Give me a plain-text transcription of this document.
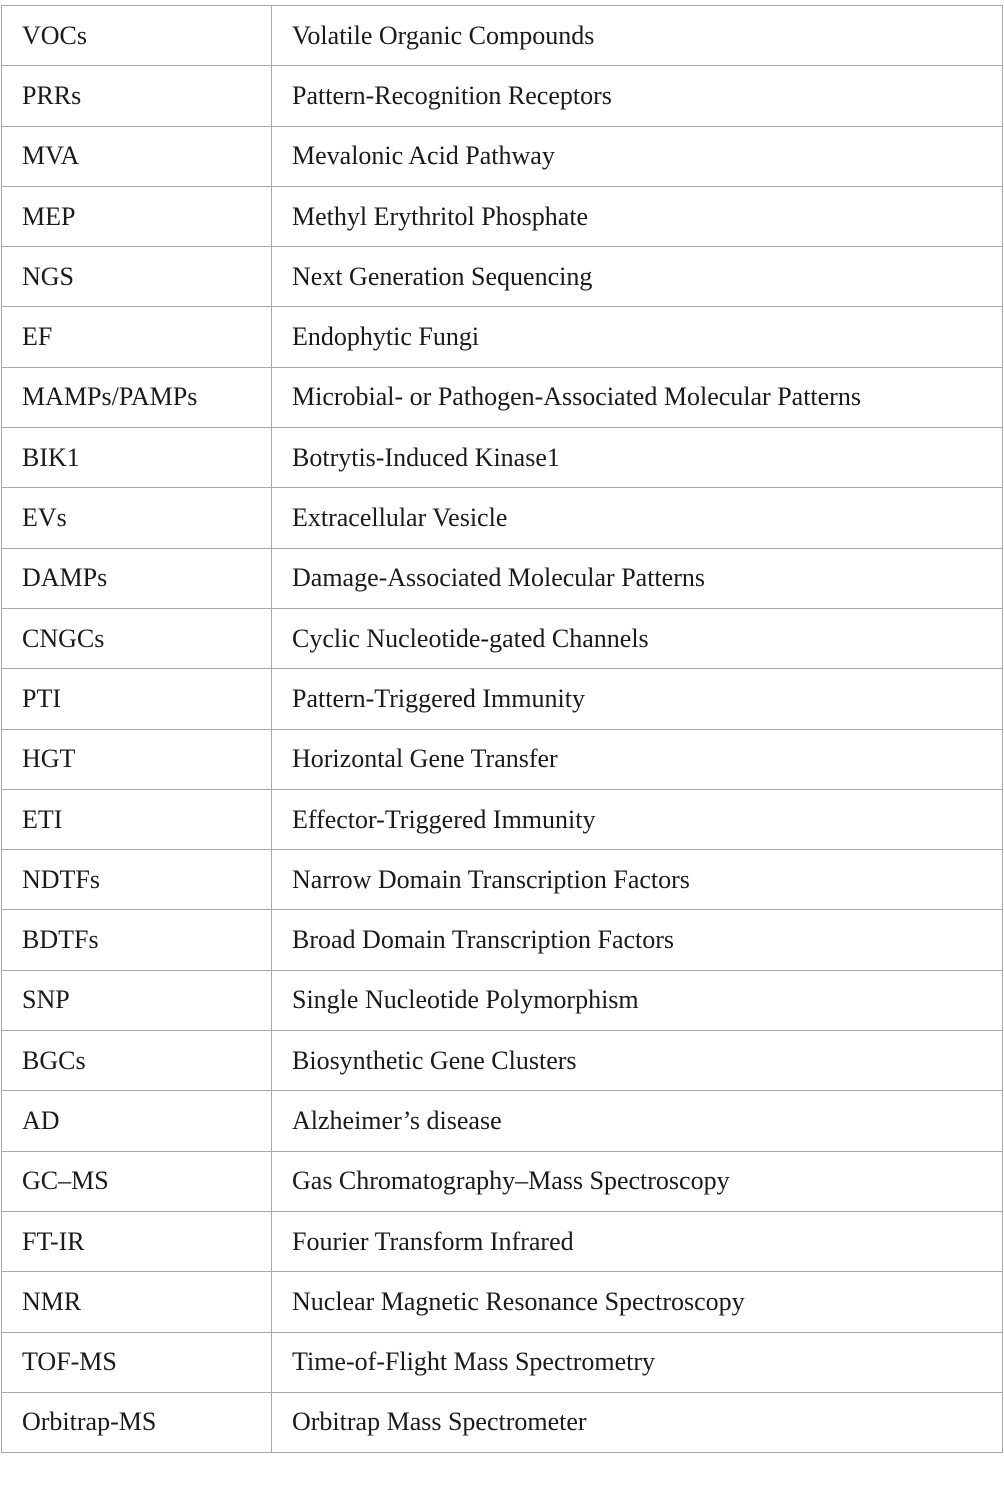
VOCs	Volatile Organic Compounds
PRRs	Pattern-Recognition Receptors
MVA	Mevalonic Acid Pathway
MEP	Methyl Erythritol Phosphate
NGS	Next Generation Sequencing
EF	Endophytic Fungi
MAMPs/PAMPs	Microbial- or Pathogen-Associated Molecular Patterns
BIK1	Botrytis-Induced Kinase1
EVs	Extracellular Vesicle
DAMPs	Damage-Associated Molecular Patterns
CNGCs	Cyclic Nucleotide-gated Channels
PTI	Pattern-Triggered Immunity
HGT	Horizontal Gene Transfer
ETI	Effector-Triggered Immunity
NDTFs	Narrow Domain Transcription Factors
BDTFs	Broad Domain Transcription Factors
SNP	Single Nucleotide Polymorphism
BGCs	Biosynthetic Gene Clusters
AD	Alzheimer’s disease
GC–MS	Gas Chromatography–Mass Spectroscopy
FT-IR	Fourier Transform Infrared
NMR	Nuclear Magnetic Resonance Spectroscopy
TOF-MS	Time-of-Flight Mass Spectrometry
Orbitrap-MS	Orbitrap Mass Spectrometer
